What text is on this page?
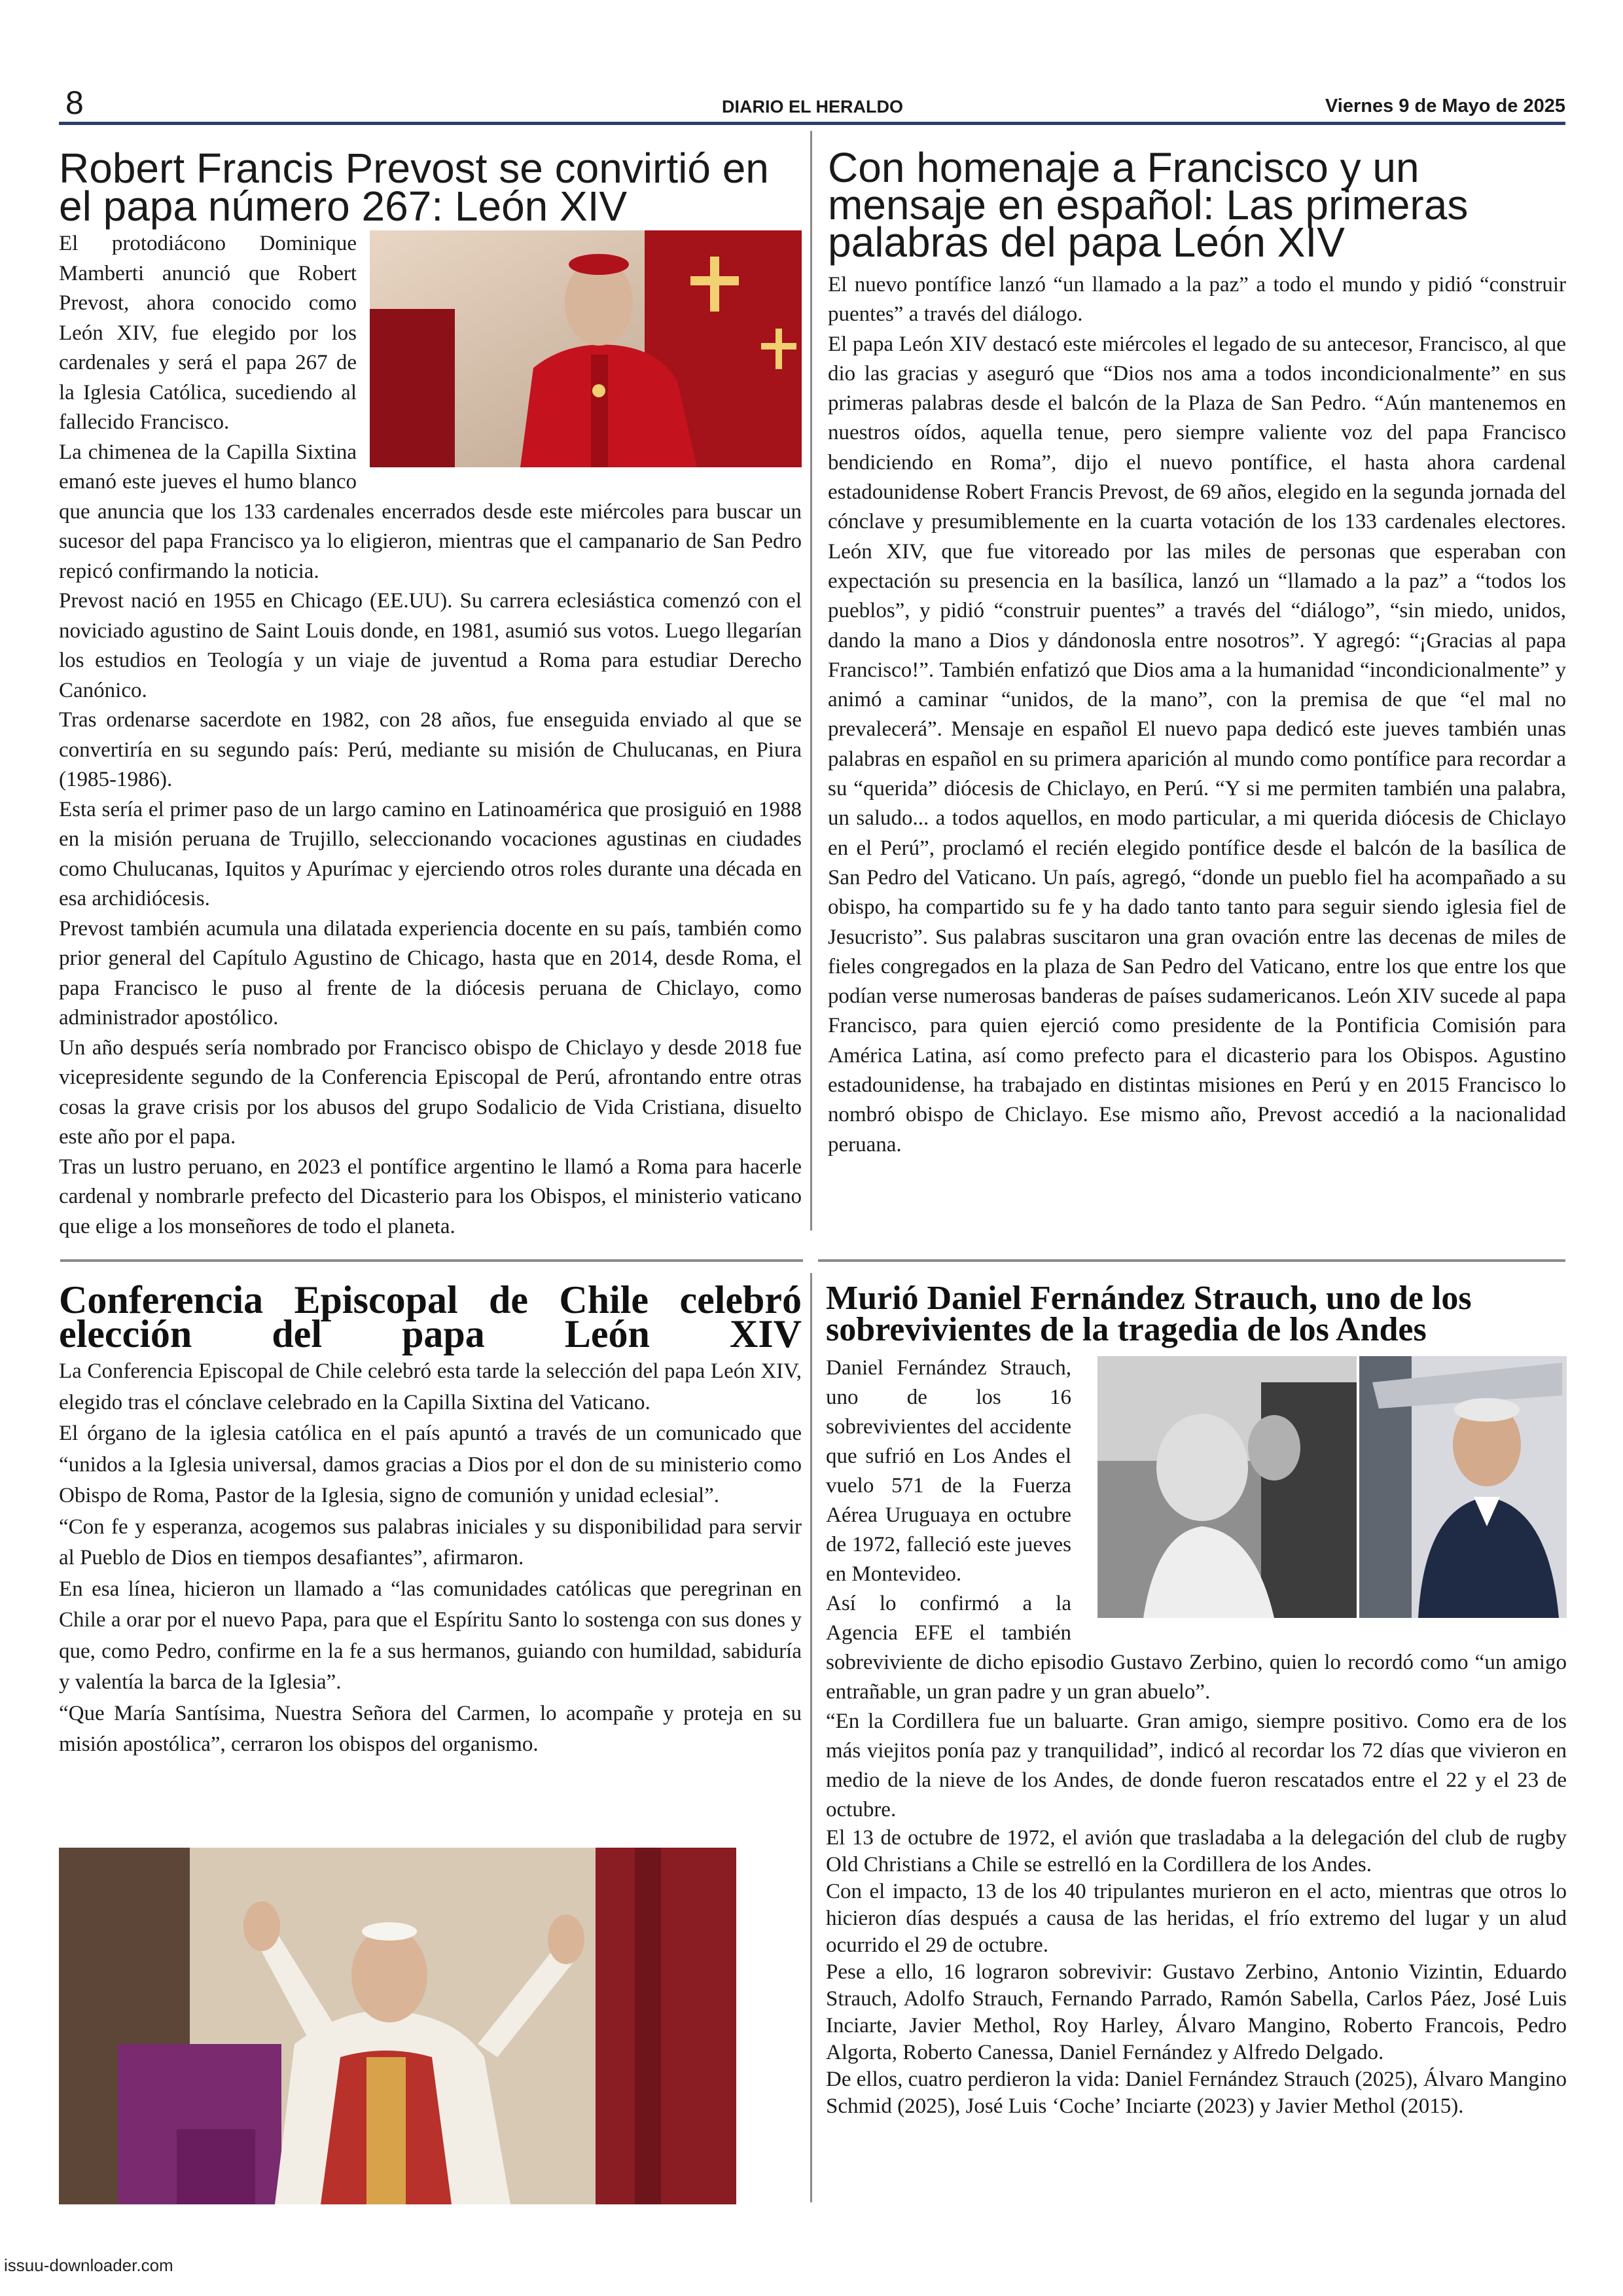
8	DIARIO EL HERALDO	Viernes 9 de Mayo de 2025
Robert Francis Prevost se convirtió en el papa número 267: León XIV

El protodiácono Dominique Mamberti anunció que Robert Prevost, ahora conocido como León XIV, fue elegido por los cardenales y será el papa 267 de la Iglesia Católica, sucediendo al fallecido Francisco.

La chimenea de la Capilla Sixtina emanó este jueves el humo blanco que anuncia que los 133 cardenales encerrados desde este miércoles para buscar un sucesor del papa Francisco ya lo eligieron, mientras que el campanario de San Pedro repicó confirmando la noticia.

Prevost nació en 1955 en Chicago (EE.UU). Su carrera eclesiástica comenzó con el noviciado agustino de Saint Louis donde, en 1981, asumió sus votos. Luego llegarían los estudios en Teología y un viaje de juventud a Roma para estudiar Derecho Canónico.

Tras ordenarse sacerdote en 1982, con 28 años, fue enseguida enviado al que se convertiría en su segundo país: Perú, mediante su misión de Chulucanas, en Piura (1985-1986).

Esta sería el primer paso de un largo camino en Latinoamérica que prosiguió en 1988 en la misión peruana de Trujillo, seleccionando vocaciones agustinas en ciudades como Chulucanas, Iquitos y Apurímac y ejerciendo otros roles durante una década en esa archidiócesis.

Prevost también acumula una dilatada experiencia docente en su país, también como prior general del Capítulo Agustino de Chicago, hasta que en 2014, desde Roma, el papa Francisco le puso al frente de la diócesis peruana de Chiclayo, como administrador apostólico.

Un año después sería nombrado por Francisco obispo de Chiclayo y desde 2018 fue vicepresidente segundo de la Conferencia Episcopal de Perú, afrontando entre otras cosas la grave crisis por los abusos del grupo Sodalicio de Vida Cristiana, disuelto este año por el papa.

Tras un lustro peruano, en 2023 el pontífice argentino le llamó a Roma para hacerle cardenal y nombrarle prefecto del Dicasterio para los Obispos, el ministerio vaticano que elige a los monseñores de todo el planeta.

Con homenaje a Francisco y un mensaje en español: Las primeras palabras del papa León XIV

El nuevo pontífice lanzó “un llamado a la paz” a todo el mundo y pidió “construir puentes” a través del diálogo.

El papa León XIV destacó este miércoles el legado de su antecesor, Francisco, al que dio las gracias y aseguró que “Dios nos ama a todos incondicionalmente” en sus primeras palabras desde el balcón de la Plaza de San Pedro. “Aún mantenemos en nuestros oídos, aquella tenue, pero siempre valiente voz del papa Francisco bendiciendo en Roma”, dijo el nuevo pontífice, el hasta ahora cardenal estadounidense Robert Francis Prevost, de 69 años, elegido en la segunda jornada del cónclave y presumiblemente en la cuarta votación de los 133 cardenales electores. León XIV, que fue vitoreado por las miles de personas que esperaban con expectación su presencia en la basílica, lanzó un “llamado a la paz” a “todos los pueblos”, y pidió “construir puentes” a través del “diálogo”, “sin miedo, unidos, dando la mano a Dios y dándonosla entre nosotros”. Y agregó: “¡Gracias al papa Francisco!”. También enfatizó que Dios ama a la humanidad “incondicionalmente” y animó a caminar “unidos, de la mano”, con la premisa de que “el mal no prevalecerá”. Mensaje en español El nuevo papa dedicó este jueves también unas palabras en español en su primera aparición al mundo como pontífice para recordar a su “querida” diócesis de Chiclayo, en Perú. “Y si me permiten también una palabra, un saludo... a todos aquellos, en modo particular, a mi querida diócesis de Chiclayo en el Perú”, proclamó el recién elegido pontífice desde el balcón de la basílica de San Pedro del Vaticano. Un país, agregó, “donde un pueblo fiel ha acompañado a su obispo, ha compartido su fe y ha dado tanto tanto para seguir siendo iglesia fiel de Jesucristo”. Sus palabras suscitaron una gran ovación entre las decenas de miles de fieles congregados en la plaza de San Pedro del Vaticano, entre los que entre los que podían verse numerosas banderas de países sudamericanos. León XIV sucede al papa Francisco, para quien ejerció como presidente de la Pontificia Comisión para América Latina, así como prefecto para el dicasterio para los Obispos. Agustino estadounidense, ha trabajado en distintas misiones en Perú y en 2015 Francisco lo nombró obispo de Chiclayo. Ese mismo año, Prevost accedió a la nacionalidad peruana.

Conferencia Episcopal de Chile celebró elección del papa León XIV

La Conferencia Episcopal de Chile celebró esta tarde la selección del papa León XIV, elegido tras el cónclave celebrado en la Capilla Sixtina del Vaticano.

El órgano de la iglesia católica en el país apuntó a través de un comunicado que “unidos a la Iglesia universal, damos gracias a Dios por el don de su ministerio como Obispo de Roma, Pastor de la Iglesia, signo de comunión y unidad eclesial”.

“Con fe y esperanza, acogemos sus palabras iniciales y su disponibilidad para servir al Pueblo de Dios en tiempos desafiantes”, afirmaron.

En esa línea, hicieron un llamado a “las comunidades católicas que peregrinan en Chile a orar por el nuevo Papa, para que el Espíritu Santo lo sostenga con sus dones y que, como Pedro, confirme en la fe a sus hermanos, guiando con humildad, sabiduría y valentía la barca de la Iglesia”.

“Que María Santísima, Nuestra Señora del Carmen, lo acompañe y proteja en su misión apostólica”, cerraron los obispos del organismo.

Murió Daniel Fernández Strauch, uno de los sobrevivientes de la tragedia de los Andes

Daniel Fernández Strauch, uno de los 16 sobrevivientes del accidente que sufrió en Los Andes el vuelo 571 de la Fuerza Aérea Uruguaya en octubre de 1972, falleció este jueves en Montevideo.

Así lo confirmó a la Agencia EFE el también sobreviviente de dicho episodio Gustavo Zerbino, quien lo recordó como “un amigo entrañable, un gran padre y un gran abuelo”.

“En la Cordillera fue un baluarte. Gran amigo, siempre positivo. Como era de los más viejitos ponía paz y tranquilidad”, indicó al recordar los 72 días que vivieron en medio de la nieve de los Andes, de donde fueron rescatados entre el 22 y el 23 de octubre.

El 13 de octubre de 1972, el avión que trasladaba a la delegación del club de rugby Old Christians a Chile se estrelló en la Cordillera de los Andes.

Con el impacto, 13 de los 40 tripulantes murieron en el acto, mientras que otros lo hicieron días después a causa de las heridas, el frío extremo del lugar y un alud ocurrido el 29 de octubre.

Pese a ello, 16 lograron sobrevivir: Gustavo Zerbino, Antonio Vizintin, Eduardo Strauch, Adolfo Strauch, Fernando Parrado, Ramón Sabella, Carlos Páez, José Luis Inciarte, Javier Methol, Roy Harley, Álvaro Mangino, Roberto Francois, Pedro Algorta, Roberto Canessa, Daniel Fernández y Alfredo Delgado.

De ellos, cuatro perdieron la vida: Daniel Fernández Strauch (2025), Álvaro Mangino Schmid (2025), José Luis ‘Coche’ Inciarte (2023) y Javier Methol (2015).

issuu-downloader.com
